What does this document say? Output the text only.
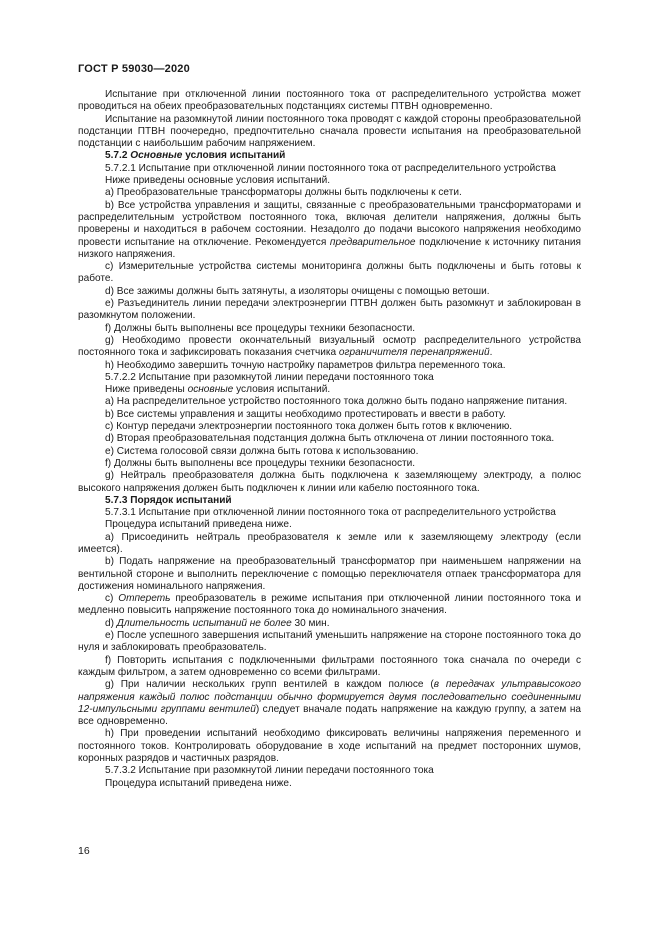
ГОСТ Р 59030—2020

Испытание при отключенной линии постоянного тока от распределительного устройства может проводиться на обеих преобразовательных подстанциях системы ПТВН одновременно.

Испытание на разомкнутой линии постоянного тока проводят с каждой стороны преобразовательной подстанции ПТВН поочередно, предпочтительно сначала провести испытания на преобразовательной подстанции с наибольшим рабочим напряжением.

5.7.2 Основные условия испытаний

5.7.2.1 Испытание при отключенной линии постоянного тока от распределительного устройства

Ниже приведены основные условия испытаний.

a) Преобразовательные трансформаторы должны быть подключены к сети.

b) Все устройства управления и защиты, связанные с преобразовательными трансформаторами и распределительным устройством постоянного тока, включая делители напряжения, должны быть проверены и находиться в рабочем состоянии. Незадолго до подачи высокого напряжения необходимо провести испытание на отключение. Рекомендуется предварительное подключение к источнику питания низкого напряжения.

c) Измерительные устройства системы мониторинга должны быть подключены и быть готовы к работе.

d) Все зажимы должны быть затянуты, а изоляторы очищены с помощью ветоши.

e) Разъединитель линии передачи электроэнергии ПТВН должен быть разомкнут и заблокирован в разомкнутом положении.

f) Должны быть выполнены все процедуры техники безопасности.

g) Необходимо провести окончательный визуальный осмотр распределительного устройства постоянного тока и зафиксировать показания счетчика ограничителя перенапряжений.

h) Необходимо завершить точную настройку параметров фильтра переменного тока.

5.7.2.2 Испытание при разомкнутой линии передачи постоянного тока

Ниже приведены основные условия испытаний.

a) На распределительное устройство постоянного тока должно быть подано напряжение питания.

b) Все системы управления и защиты необходимо протестировать и ввести в работу.

c) Контур передачи электроэнергии постоянного тока должен быть готов к включению.

d) Вторая преобразовательная подстанция должна быть отключена от линии постоянного тока.

e) Система голосовой связи должна быть готова к использованию.

f) Должны быть выполнены все процедуры техники безопасности.

g) Нейтраль преобразователя должна быть подключена к заземляющему электроду, а полюс высокого напряжения должен быть подключен к линии или кабелю постоянного тока.

5.7.3 Порядок испытаний

5.7.3.1 Испытание при отключенной линии постоянного тока от распределительного устройства

Процедура испытаний приведена ниже.

a) Присоединить нейтраль преобразователя к земле или к заземляющему электроду (если имеется).

b) Подать напряжение на преобразовательный трансформатор при наименьшем напряжении на вентильной стороне и выполнить переключение с помощью переключателя отпаек трансформатора для достижения номинального напряжения.

c) Отпереть преобразователь в режиме испытания при отключенной линии постоянного тока и медленно повысить напряжение постоянного тока до номинального значения.

d) Длительность испытаний не более 30 мин.

e) После успешного завершения испытаний уменьшить напряжение на стороне постоянного тока до нуля и заблокировать преобразователь.

f) Повторить испытания с подключенными фильтрами постоянного тока сначала по очереди с каждым фильтром, а затем одновременно со всеми фильтрами.

g) При наличии нескольких групп вентилей в каждом полюсе (в передачах ультравысокого напряжения каждый полюс подстанции обычно формируется двумя последовательно соединенными 12-импульсными группами вентилей) следует вначале подать напряжение на каждую группу, а затем на все одновременно.

h) При проведении испытаний необходимо фиксировать величины напряжения переменного и постоянного токов. Контролировать оборудование в ходе испытаний на предмет посторонних шумов, коронных разрядов и частичных разрядов.

5.7.3.2 Испытание при разомкнутой линии передачи постоянного тока

Процедура испытаний приведена ниже.

16
